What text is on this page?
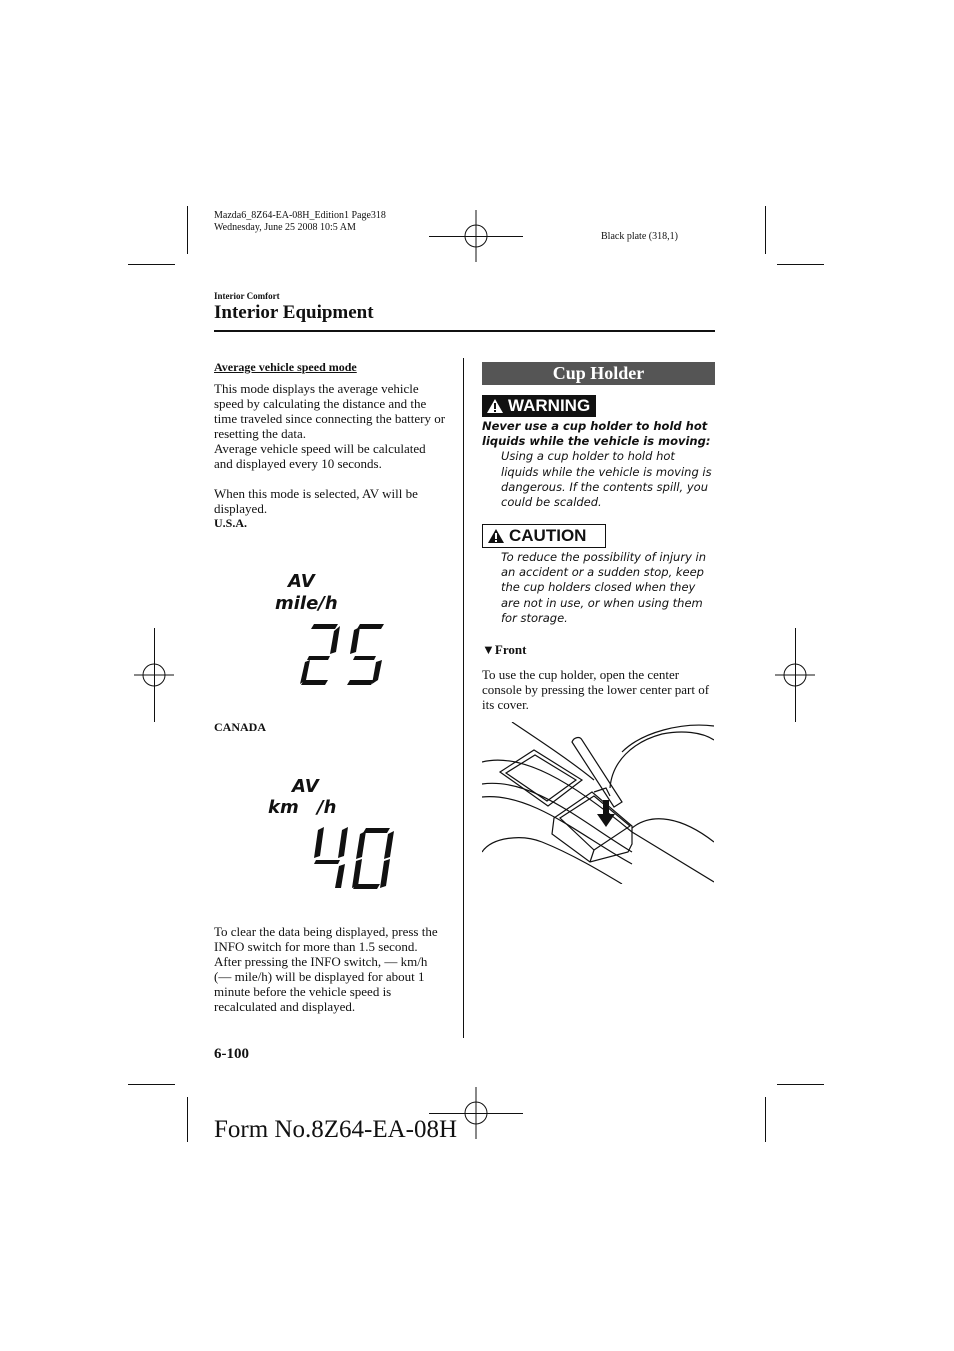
Mazda6_8Z64-EA-08H_Edition1 Page318
Wednesday, June 25 2008 10:5 AM
Black plate (318,1)
Interior Comfort
Interior Equipment
Average vehicle speed mode
This mode displays the average vehicle speed by calculating the distance and the time traveled since connecting the battery or resetting the data.
Average vehicle speed will be calculated and displayed every 10 seconds.
When this mode is selected, AV will be displayed.
U.S.A.
AV
mile/h
CANADA
AV
km /h
To clear the data being displayed, press the INFO switch for more than 1.5 second. After pressing the INFO switch, — km/h (— mile/h) will be displayed for about 1 minute before the vehicle speed is recalculated and displayed.
Cup Holder
WARNING
Never use a cup holder to hold hot liquids while the vehicle is moving:
Using a cup holder to hold hot liquids while the vehicle is moving is dangerous. If the contents spill, you could be scalded.
CAUTION
To reduce the possibility of injury in an accident or a sudden stop, keep the cup holders closed when they are not in use, or when using them for storage.
▼Front
To use the cup holder, open the center console by pressing the lower center part of its cover.
6-100
Form No.8Z64-EA-08H
